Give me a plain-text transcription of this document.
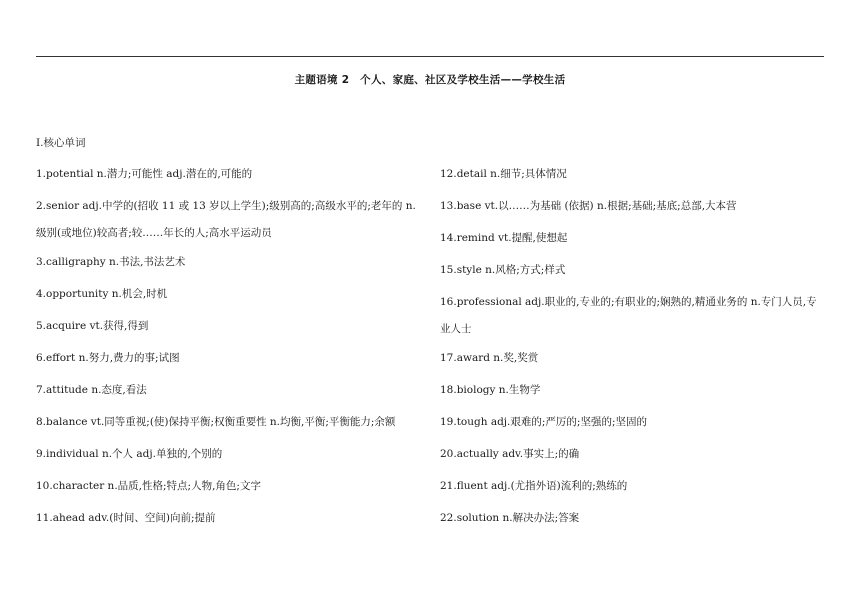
主题语境 2　个人、家庭、社区及学校生活——学校生活
Ⅰ.核心单词
1.potential n.潜力;可能性 adj.潜在的,可能的
2.senior adj.中学的(招收 11 或 13 岁以上学生);级别高的;高级水平的;老年的 n.
级别(或地位)较高者;较……年长的人;高水平运动员
3.calligraphy n.书法,书法艺术
4.opportunity n.机会,时机
5.acquire vt.获得,得到
6.effort n.努力,费力的事;试图
7.attitude n.态度,看法
8.balance vt.同等重视;(使)保持平衡;权衡重要性 n.均衡,平衡;平衡能力;余额
9.individual n.个人 adj.单独的,个别的
10.character n.品质,性格;特点;人物,角色;文字
11.ahead adv.(时间、空间)向前;提前
12.detail n.细节;具体情况
13.base vt.以……为基础 (依据) n.根据;基础;基底;总部,大本营
14.remind vt.提醒,使想起
15.style n.风格;方式;样式
16.professional adj.职业的,专业的;有职业的;娴熟的,精通业务的 n.专门人员,专
业人士
17.award n.奖,奖赏
18.biology n.生物学
19.tough adj.艰难的;严厉的;坚强的;坚固的
20.actually adv.事实上;的确
21.fluent adj.(尤指外语)流利的;熟练的
22.solution n.解决办法;答案
